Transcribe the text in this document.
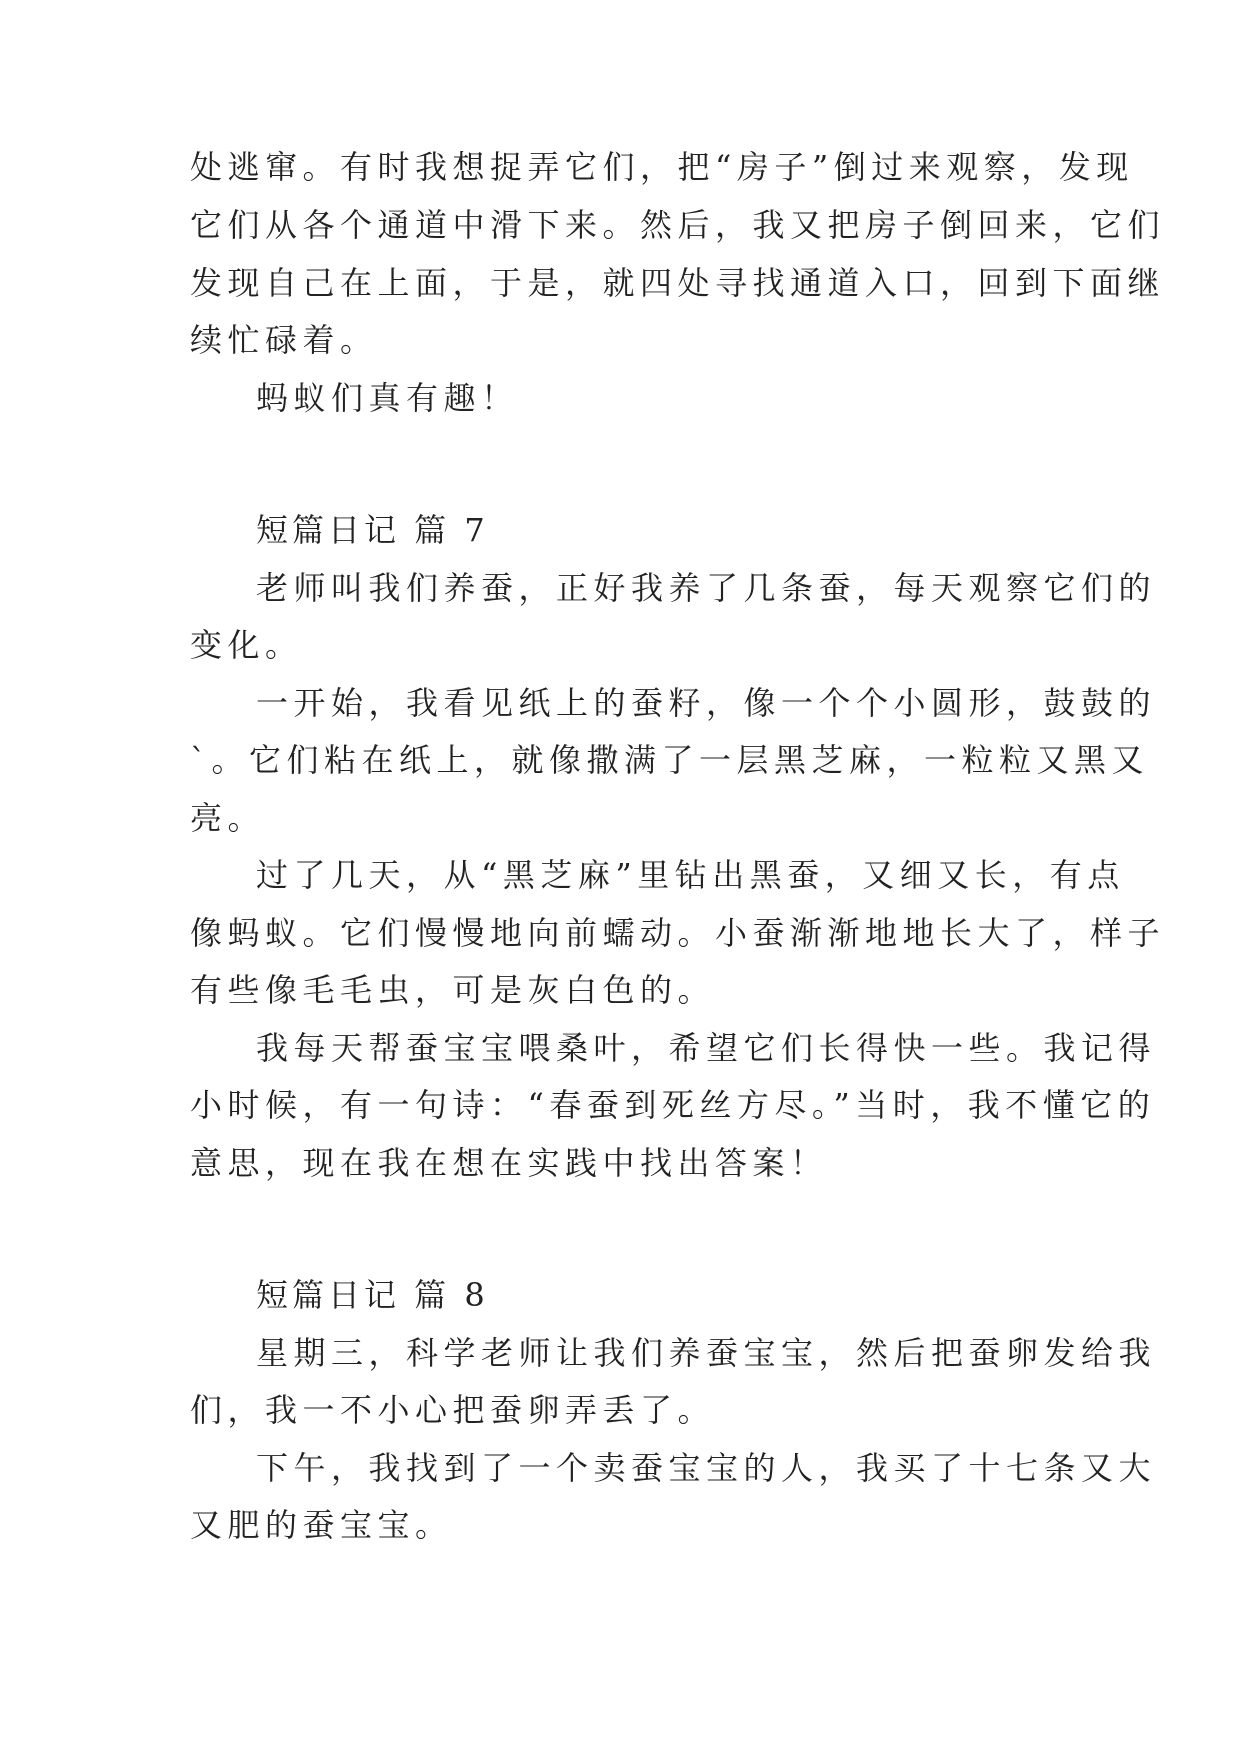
处逃窜。有时我想捉弄它们，把“房子”倒过来观察，发现
它们从各个通道中滑下来。然后，我又把房子倒回来，它们
发现自己在上面，于是，就四处寻找通道入口，回到下面继
续忙碌着。
蚂蚁们真有趣！
短篇日记 篇 7
老师叫我们养蚕，正好我养了几条蚕，每天观察它们的
变化。
一开始，我看见纸上的蚕籽，像一个个小圆形，鼓鼓的
`。它们粘在纸上，就像撒满了一层黑芝麻，一粒粒又黑又
亮。
过了几天，从“黑芝麻”里钻出黑蚕，又细又长，有点
像蚂蚁。它们慢慢地向前蠕动。小蚕渐渐地地长大了，样子
有些像毛毛虫，可是灰白色的。
我每天帮蚕宝宝喂桑叶，希望它们长得快一些。我记得
小时候，有一句诗：“春蚕到死丝方尽。”当时，我不懂它的
意思，现在我在想在实践中找出答案！
短篇日记 篇 8
星期三，科学老师让我们养蚕宝宝，然后把蚕卵发给我
们，我一不小心把蚕卵弄丢了。
下午，我找到了一个卖蚕宝宝的人，我买了十七条又大
又肥的蚕宝宝。
